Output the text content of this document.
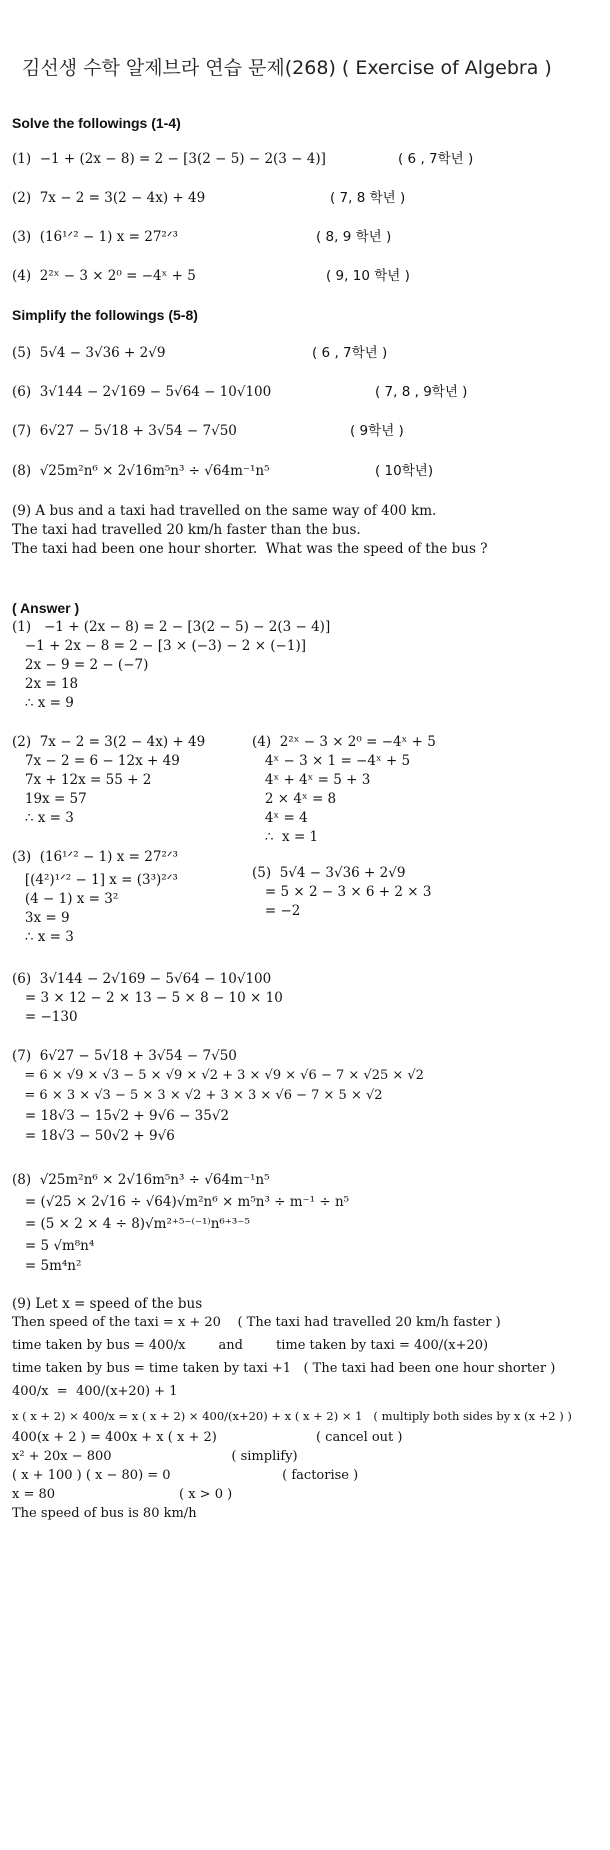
김선생 수학 알제브라 연습 문제(268) ( Exercise of Algebra )
Solve the followings (1-4)
(1)  −1 + (2x − 8) = 2 − [3(2 − 5) − 2(3 − 4)]	( 6 , 7학년 )
(2)  7x − 2 = 3(2 − 4x) + 49	( 7, 8 학년 )
(3)  (16¹ᐟ² − 1) x = 27²ᐟ³	( 8, 9 학년 )
(4)  2²ˣ − 3 × 2⁰ = −4ˣ + 5	( 9, 10 학년 )
Simplify the followings (5-8)
(5)  5√4 − 3√36 + 2√9	( 6 , 7학년 )
(6)  3√144 − 2√169 − 5√64 − 10√100	( 7, 8 , 9학년 )
(7)  6√27 − 5√18 + 3√54 − 7√50	( 9학년 )
(8)  √25m²n⁶ × 2√16m⁵n³ ÷ √64m⁻¹n⁵	( 10학년)
(9) A bus and a taxi had travelled on the same way of 400 km.
The taxi had travelled 20 km/h faster than the bus.
The taxi had been one hour shorter.  What was the speed of the bus ?
( Answer )
(1)   −1 + (2x − 8) = 2 − [3(2 − 5) − 2(3 − 4)]
−1 + 2x − 8 = 2 − [3 × (−3) − 2 × (−1)]
2x − 9 = 2 − (−7)
2x = 18
∴ x = 9
(2)  7x − 2 = 3(2 − 4x) + 49
7x − 2 = 6 − 12x + 49
7x + 12x = 55 + 2
19x = 57
∴ x = 3
(4)  2²ˣ − 3 × 2⁰ = −4ˣ + 5
4ˣ − 3 × 1 = −4ˣ + 5
4ˣ + 4ˣ = 5 + 3
2 × 4ˣ = 8
4ˣ = 4
∴  x = 1
(3)  (16¹ᐟ² − 1) x = 27²ᐟ³
[(4²)¹ᐟ² − 1] x = (3³)²ᐟ³
(4 − 1) x = 3²
3x = 9
∴ x = 3
(5)  5√4 − 3√36 + 2√9
= 5 × 2 − 3 × 6 + 2 × 3
= −2
(6)  3√144 − 2√169 − 5√64 − 10√100
= 3 × 12 − 2 × 13 − 5 × 8 − 10 × 10
= −130
(7)  6√27 − 5√18 + 3√54 − 7√50
= 6 × √9 × √3 − 5 × √9 × √2 + 3 × √9 × √6 − 7 × √25 × √2
= 6 × 3 × √3 − 5 × 3 × √2 + 3 × 3 × √6 − 7 × 5 × √2
= 18√3 − 15√2 + 9√6 − 35√2
= 18√3 − 50√2 + 9√6
(8)  √25m²n⁶ × 2√16m⁵n³ ÷ √64m⁻¹n⁵
= (√25 × 2√16 ÷ √64)√m²n⁶ × m⁵n³ ÷ m⁻¹ ÷ n⁵
= (5 × 2 × 4 ÷ 8)√m²⁺⁵⁻⁽⁻¹⁾n⁶⁺³⁻⁵
= 5 √m⁸n⁴
= 5m⁴n²
(9) Let x = speed of the bus
Then speed of the taxi = x + 20    ( The taxi had travelled 20 km/h faster )
time taken by bus = 400/x        and        time taken by taxi = 400/(x+20)
time taken by bus = time taken by taxi +1   ( The taxi had been one hour shorter )
400/x  =  400/(x+20) + 1
x ( x + 2) × 400/x = x ( x + 2) × 400/(x+20) + x ( x + 2) × 1   ( multiply both sides by x (x +2 ) )
400(x + 2 ) = 400x + x ( x + 2)                        ( cancel out )
x² + 20x − 800                             ( simplify)
( x + 100 ) ( x − 80) = 0                           ( factorise )
x = 80                              ( x > 0 )
The speed of bus is 80 km/h
